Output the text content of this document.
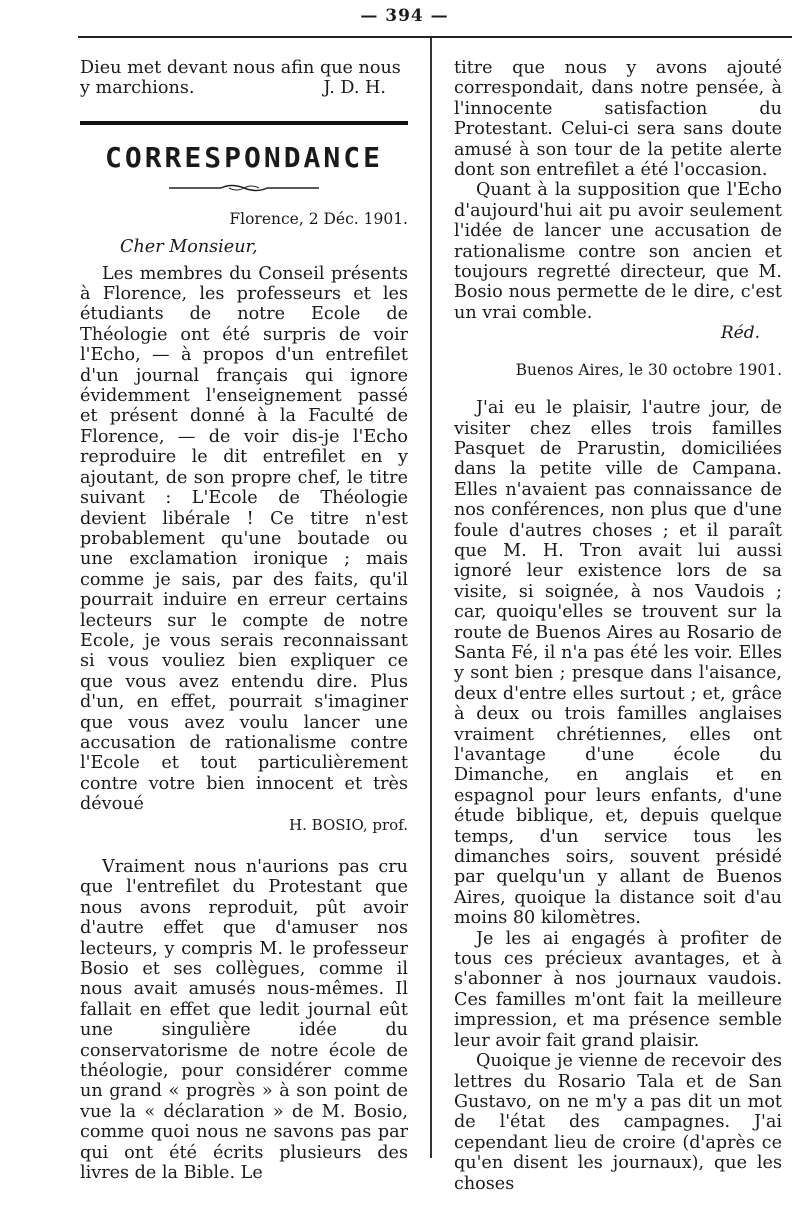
— 394 —
Dieu met devant nous afin que nous
y marchions.	J. D. H.
CORRESPONDANCE
Florence, 2 Déc. 1901.
Cher Monsieur,

Les membres du Conseil présents à Florence, les professeurs et les étudiants de notre Ecole de Théologie ont été surpris de voir l'Echo, — à propos d'un entrefilet d'un journal français qui ignore évidemment l'enseignement passé et présent donné à la Faculté de Florence, — de voir dis-je l'Echo reproduire le dit entrefilet en y ajoutant, de son propre chef, le titre suivant : L'Ecole de Théologie devient libérale ! Ce titre n'est probablement qu'une boutade ou une exclamation ironique ; mais comme je sais, par des faits, qu'il pourrait induire en erreur certains lecteurs sur le compte de notre Ecole, je vous serais reconnaissant si vous vouliez bien expliquer ce que vous avez entendu dire. Plus d'un, en effet, pourrait s'imaginer que vous avez voulu lancer une accusation de rationalisme contre l'Ecole et tout particulièrement contre votre bien innocent et très dévoué

H. BOSIO, prof.

Vraiment nous n'aurions pas cru que l'entrefilet du Protestant que nous avons reproduit, pût avoir d'autre effet que d'amuser nos lecteurs, y compris M. le professeur Bosio et ses collègues, comme il nous avait amusés nous-mêmes. Il fallait en effet que ledit journal eût une singulière idée du conservatorisme de notre école de théologie, pour considérer comme un grand « progrès » à son point de vue la « déclaration » de M. Bosio, comme quoi nous ne savons pas par qui ont été écrits plusieurs des livres de la Bible. Le

titre que nous y avons ajouté correspondait, dans notre pensée, à l'innocente satisfaction du Protestant. Celui-ci sera sans doute amusé à son tour de la petite alerte dont son entrefilet a été l'occasion.

Quant à la supposition que l'Echo d'aujourd'hui ait pu avoir seulement l'idée de lancer une accusation de rationalisme contre son ancien et toujours regretté directeur, que M. Bosio nous permette de le dire, c'est un vrai comble.

Réd.
Buenos Aires, le 30 octobre 1901.

J'ai eu le plaisir, l'autre jour, de visiter chez elles trois familles Pasquet de Prarustin, domiciliées dans la petite ville de Campana. Elles n'avaient pas connaissance de nos conférences, non plus que d'une foule d'autres choses ; et il paraît que M. H. Tron avait lui aussi ignoré leur existence lors de sa visite, si soignée, à nos Vaudois ; car, quoiqu'elles se trouvent sur la route de Buenos Aires au Rosario de Santa Fé, il n'a pas été les voir. Elles y sont bien ; presque dans l'aisance, deux d'entre elles surtout ; et, grâce à deux ou trois familles anglaises vraiment chrétiennes, elles ont l'avantage d'une école du Dimanche, en anglais et en espagnol pour leurs enfants, d'une étude biblique, et, depuis quelque temps, d'un service tous les dimanches soirs, souvent présidé par quelqu'un y allant de Buenos Aires, quoique la distance soit d'au moins 80 kilomètres.

Je les ai engagés à profiter de tous ces précieux avantages, et à s'abonner à nos journaux vaudois. Ces familles m'ont fait la meilleure impression, et ma présence semble leur avoir fait grand plaisir.

Quoique je vienne de recevoir des lettres du Rosario Tala et de San Gustavo, on ne m'y a pas dit un mot de l'état des campagnes. J'ai cependant lieu de croire (d'après ce qu'en disent les journaux), que les choses
